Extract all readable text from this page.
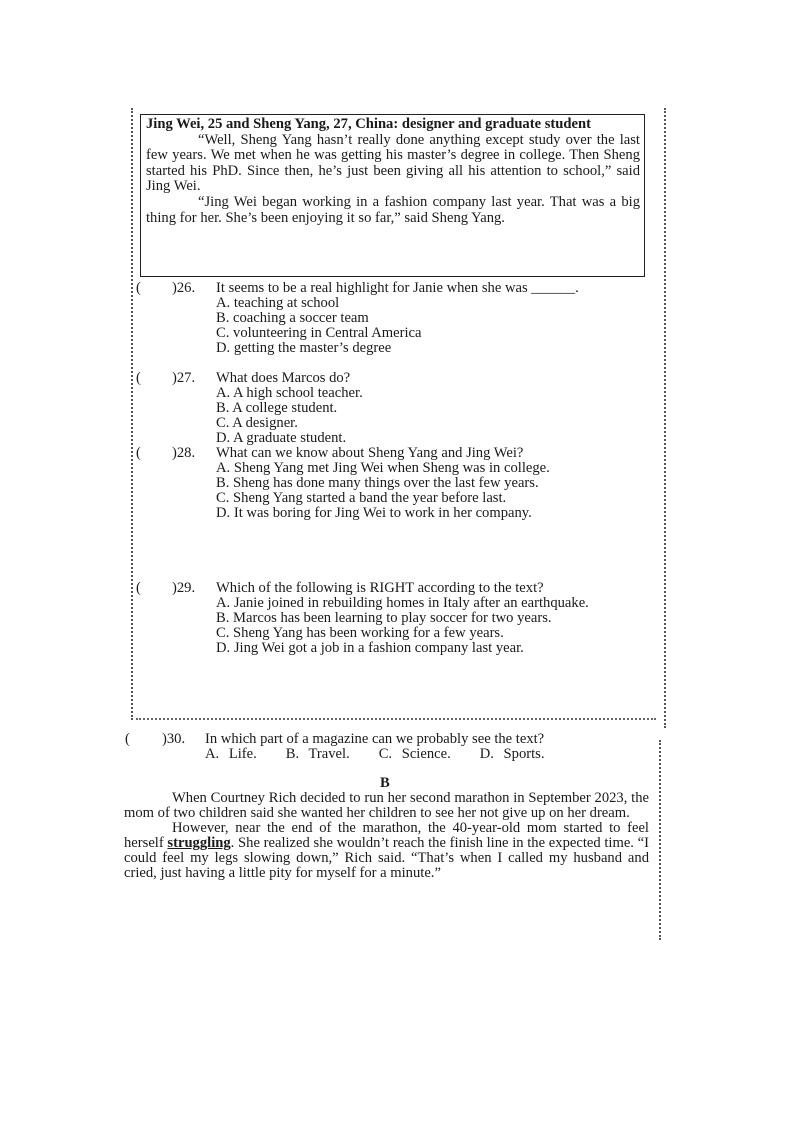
Jing Wei, 25 and Sheng Yang, 27, China: designer and graduate student

“Well, Sheng Yang hasn’t really done anything except study over the last few years. We met when he was getting his master’s degree in college. Then Sheng started his PhD. Since then, he’s just been giving all his attention to school,” said Jing Wei.

“Jing Wei began working in a fashion company last year. That was a big thing for her. She’s been enjoying it so far,” said Sheng Yang.

( )26. It seems to be a real highlight for Janie when she was ______.
A. teaching at school
B. coaching a soccer team
C. volunteering in Central America
D. getting the master’s degree
( )27. What does Marcos do?
A. A high school teacher.
B. A college student.
C. A designer.
D. A graduate student.
( )28. What can we know about Sheng Yang and Jing Wei?
A. Sheng Yang met Jing Wei when Sheng was in college.
B. Sheng has done many things over the last few years.
C. Sheng Yang started a band the year before last.
D. It was boring for Jing Wei to work in her company.
( )29. Which of the following is RIGHT according to the text?
A. Janie joined in rebuilding homes in Italy after an earthquake.
B. Marcos has been learning to play soccer for two years.
C. Sheng Yang has been working for a few years.
D. Jing Wei got a job in a fashion company last year.
( )30. In which part of a magazine can we probably see the text?
A. Life. B. Travel. C. Science. D. Sports.
B

When Courtney Rich decided to run her second marathon in September 2023, the mom of two children said she wanted her children to see her not give up on her dream.

However, near the end of the marathon, the 40-year-old mom started to feel herself struggling. She realized she wouldn’t reach the finish line in the expected time. “I could feel my legs slowing down,” Rich said. “That’s when I called my husband and cried, just having a little pity for myself for a minute.”
